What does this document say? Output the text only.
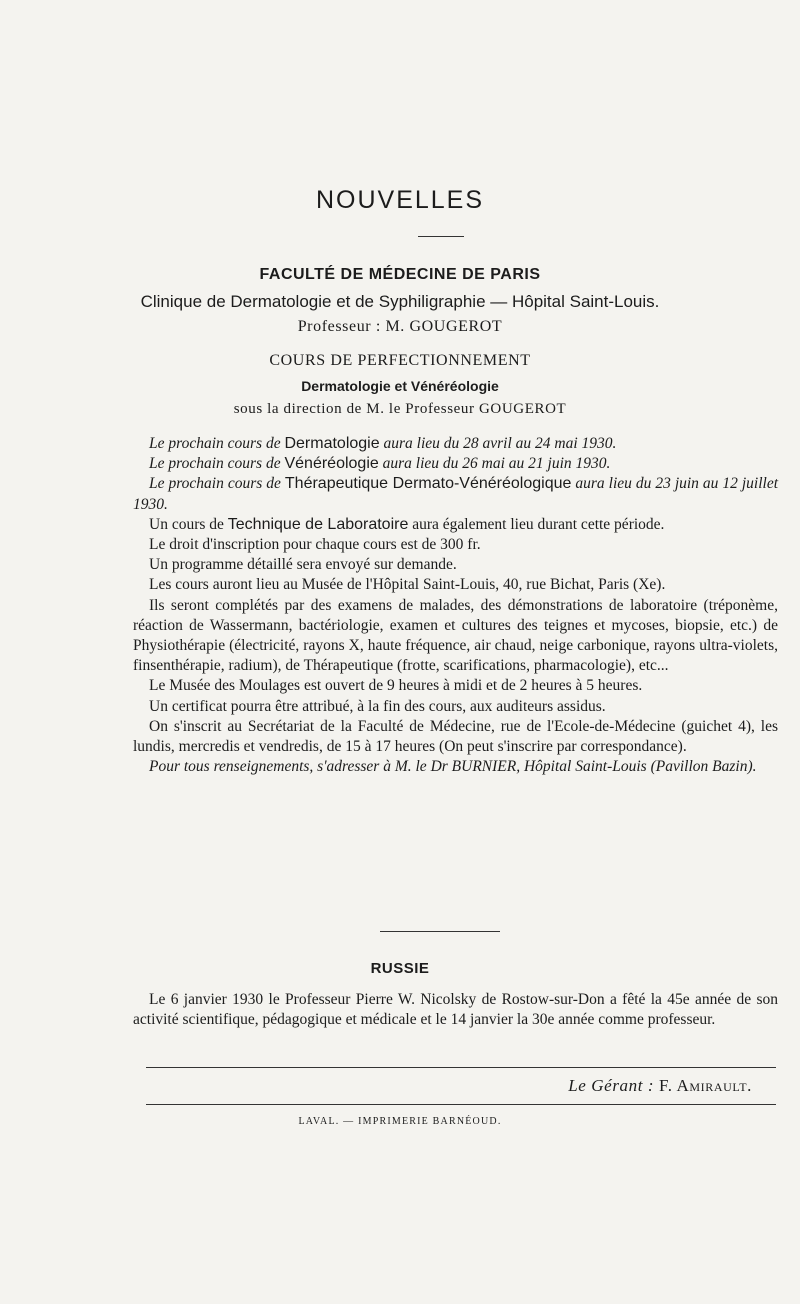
NOUVELLES
FACULTÉ DE MÉDECINE DE PARIS
Clinique de Dermatologie et de Syphiligraphie — Hôpital Saint-Louis.
Professeur : M. GOUGEROT
COURS DE PERFECTIONNEMENT
Dermatologie et Vénéréologie
sous la direction de M. le Professeur GOUGEROT

Le prochain cours de Dermatologie aura lieu du 28 avril au 24 mai 1930.

Le prochain cours de Vénéréologie aura lieu du 26 mai au 21 juin 1930.

Le prochain cours de Thérapeutique Dermato-Vénéréologique aura lieu du 23 juin au 12 juillet 1930.

Un cours de Technique de Laboratoire aura également lieu durant cette période.

Le droit d'inscription pour chaque cours est de 300 fr.

Un programme détaillé sera envoyé sur demande.

Les cours auront lieu au Musée de l'Hôpital Saint-Louis, 40, rue Bichat, Paris (Xe).

Ils seront complétés par des examens de malades, des démonstrations de laboratoire (tréponème, réaction de Wassermann, bactériologie, examen et cultures des teignes et mycoses, biopsie, etc.) de Physiothérapie (électricité, rayons X, haute fréquence, air chaud, neige carbonique, rayons ultra-violets, finsenthérapie, radium), de Thérapeutique (frotte, scarifications, pharmacologie), etc...

Le Musée des Moulages est ouvert de 9 heures à midi et de 2 heures à 5 heures.

Un certificat pourra être attribué, à la fin des cours, aux auditeurs assidus.

On s'inscrit au Secrétariat de la Faculté de Médecine, rue de l'Ecole-de-Médecine (guichet 4), les lundis, mercredis et vendredis, de 15 à 17 heures (On peut s'inscrire par correspondance).

Pour tous renseignements, s'adresser à M. le Dr BURNIER, Hôpital Saint-Louis (Pavillon Bazin).

RUSSIE

Le 6 janvier 1930 le Professeur Pierre W. Nicolsky de Rostow-sur-Don a fêté la 45e année de son activité scientifique, pédagogique et médicale et le 14 janvier la 30e année comme professeur.

Le Gérant : F. Amirault.
LAVAL. — IMPRIMERIE BARNÉOUD.
